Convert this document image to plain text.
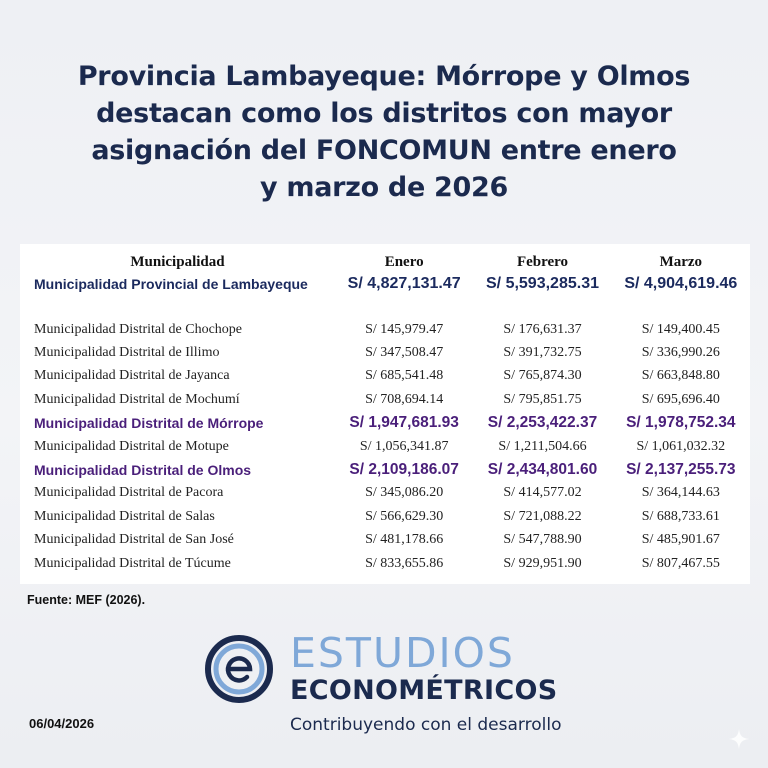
Provincia Lambayeque: Mórrope y Olmos
destacan como los distritos con mayor
asignación del FONCOMUN entre enero
y marzo de 2026
Municipalidad	Enero	Febrero	Marzo
Municipalidad Provincial de Lambayeque	S/ 4,827,131.47	S/ 5,593,285.31	S/ 4,904,619.46

Municipalidad Distrital de Chochope	S/ 145,979.47	S/ 176,631.37	S/ 149,400.45
Municipalidad Distrital de Illimo	S/ 347,508.47	S/ 391,732.75	S/ 336,990.26
Municipalidad Distrital de Jayanca	S/ 685,541.48	S/ 765,874.30	S/ 663,848.80
Municipalidad Distrital de Mochumí	S/ 708,694.14	S/ 795,851.75	S/ 695,696.40
Municipalidad Distrital de Mórrope	S/ 1,947,681.93	S/ 2,253,422.37	S/ 1,978,752.34
Municipalidad Distrital de Motupe	S/ 1,056,341.87	S/ 1,211,504.66	S/ 1,061,032.32
Municipalidad Distrital de Olmos	S/ 2,109,186.07	S/ 2,434,801.60	S/ 2,137,255.73
Municipalidad Distrital de Pacora	S/ 345,086.20	S/ 414,577.02	S/ 364,144.63
Municipalidad Distrital de Salas	S/ 566,629.30	S/ 721,088.22	S/ 688,733.61
Municipalidad Distrital de San José	S/ 481,178.66	S/ 547,788.90	S/ 485,901.67
Municipalidad Distrital de Túcume	S/ 833,655.86	S/ 929,951.90	S/ 807,467.55
Fuente: MEF (2026).
ESTUDIOS
ECONOMÉTRICOS
Contribuyendo con el desarrollo
06/04/2026
